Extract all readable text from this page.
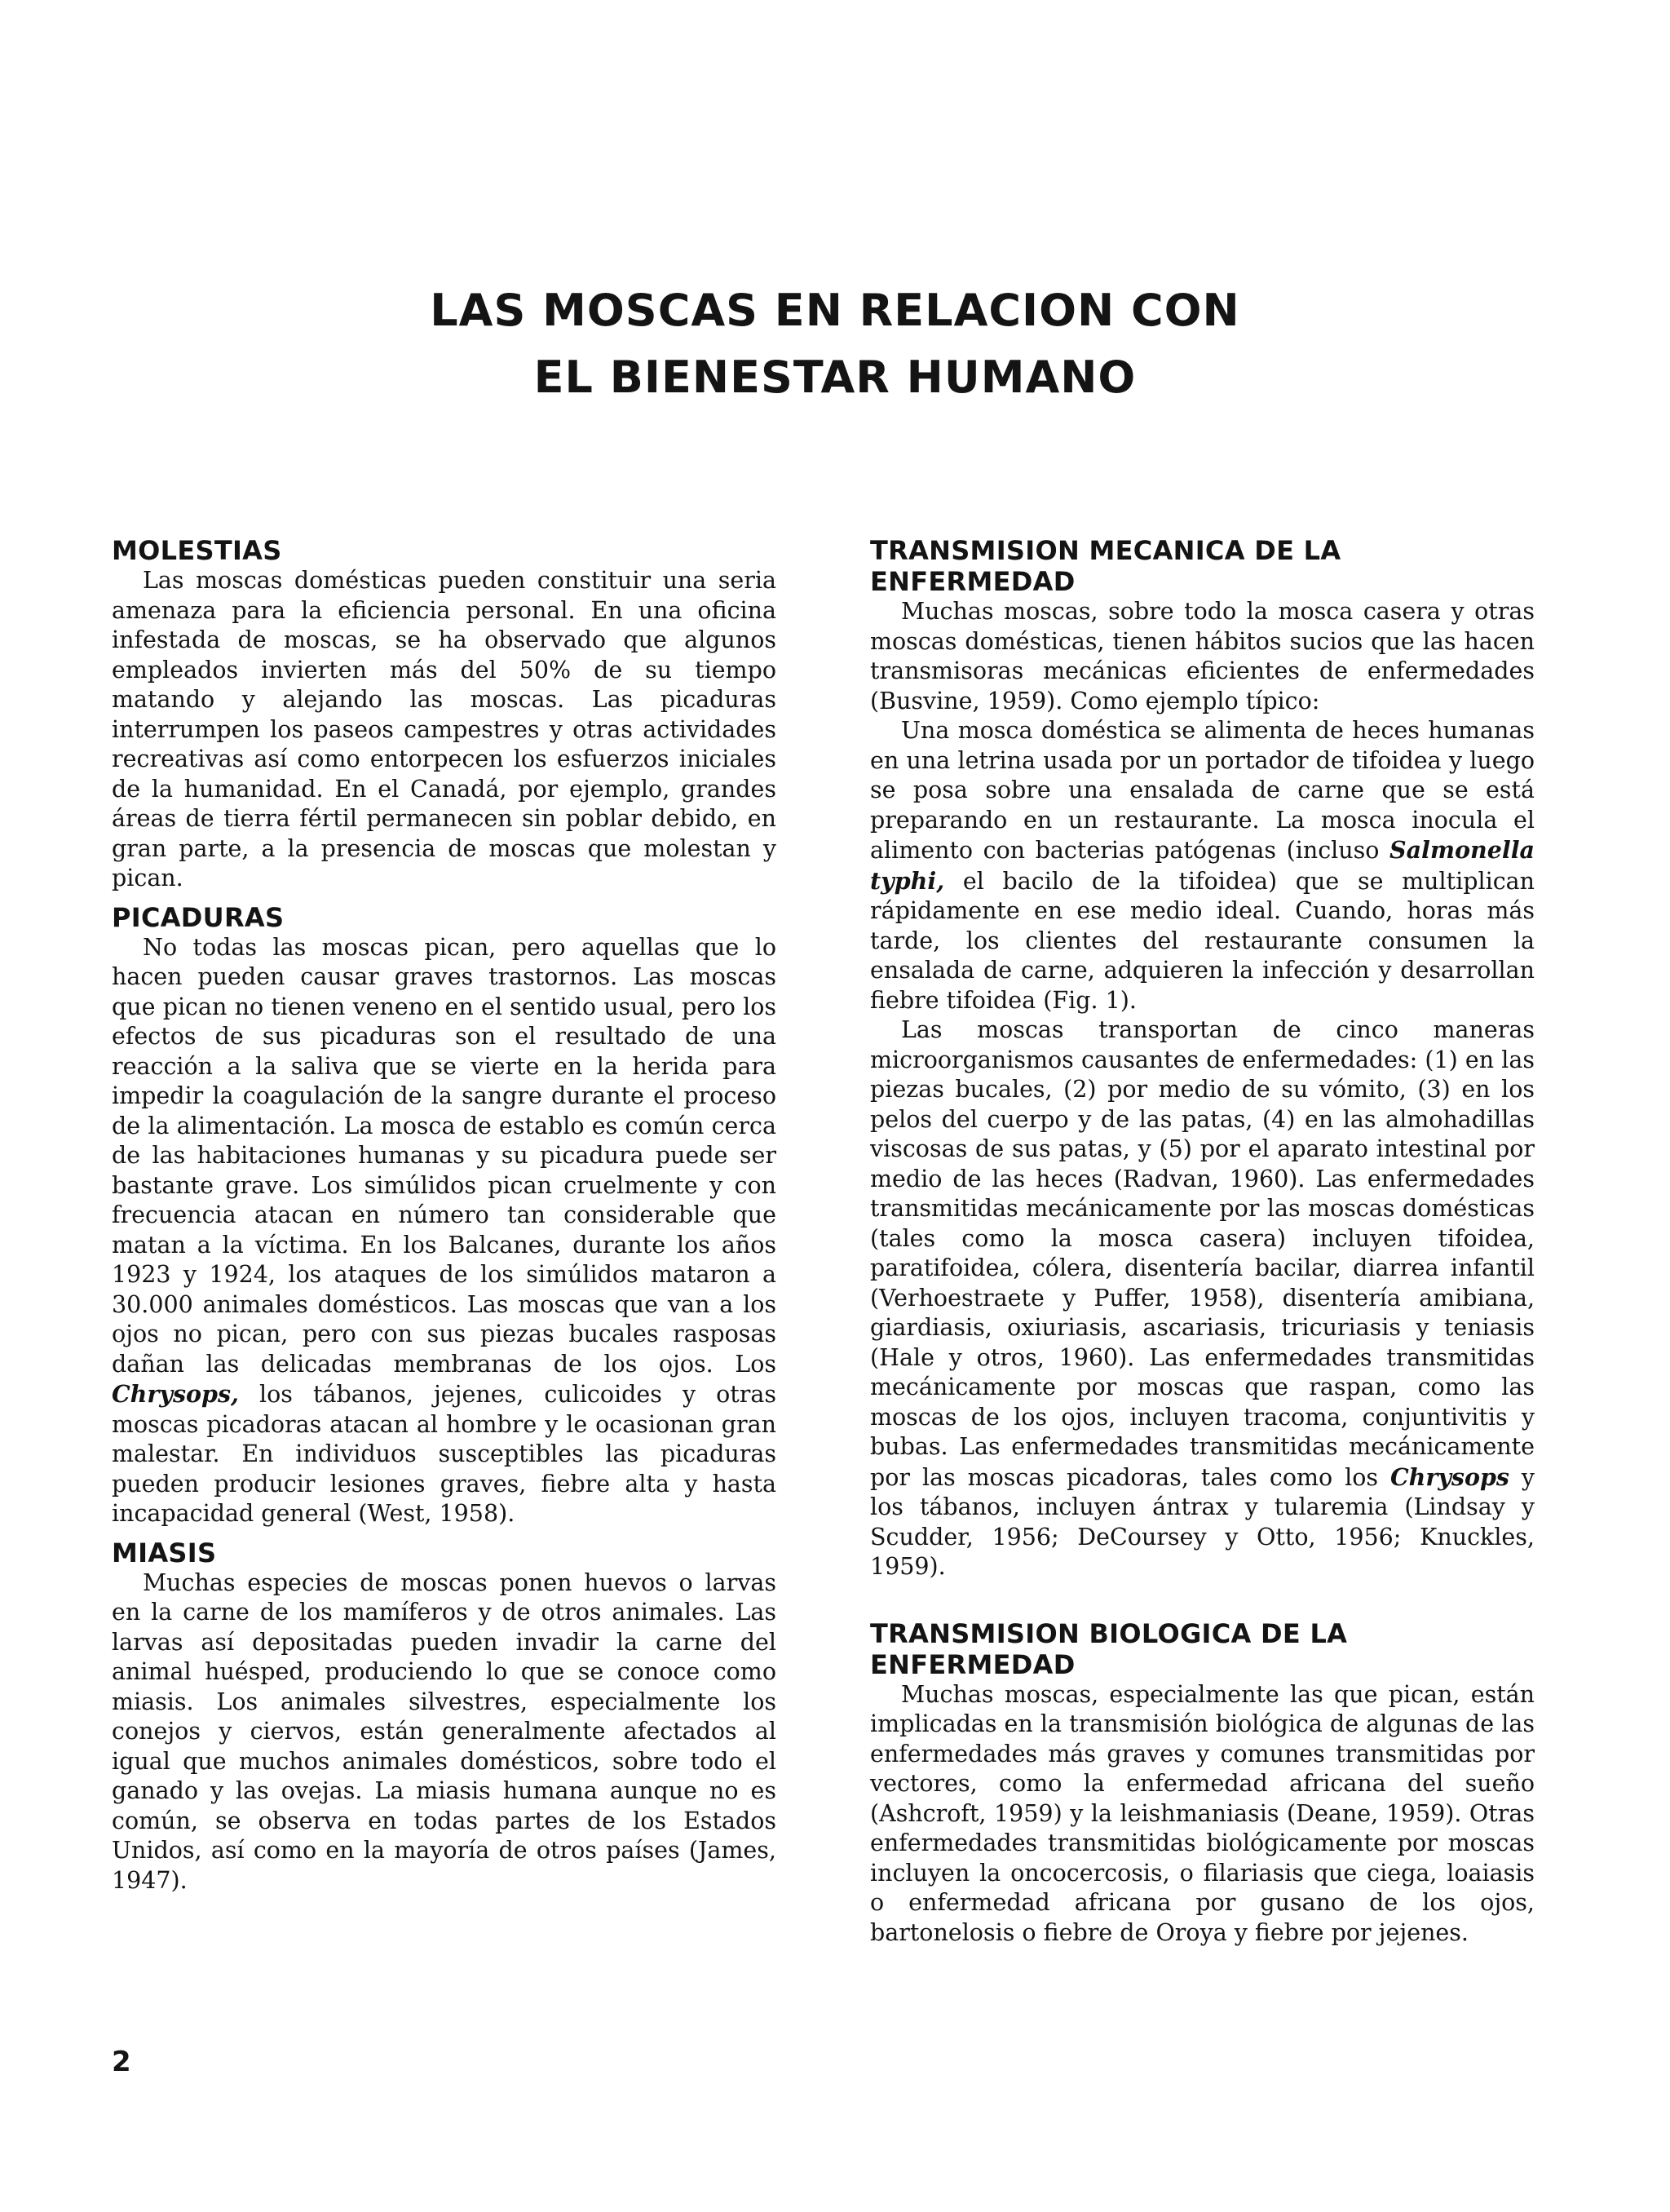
LAS MOSCAS EN RELACION CON
EL BIENESTAR HUMANO
MOLESTIAS

Las moscas domésticas pueden constituir una seria amenaza para la eficiencia personal. En una oficina infestada de moscas, se ha observado que algunos empleados invierten más del 50% de su tiempo matando y alejando las moscas. Las picaduras interrumpen los paseos campestres y otras actividades recreativas así como entorpecen los esfuerzos iniciales de la humanidad. En el Canadá, por ejemplo, grandes áreas de tierra fértil permanecen sin poblar debido, en gran parte, a la presencia de moscas que molestan y pican.

PICADURAS

No todas las moscas pican, pero aquellas que lo hacen pueden causar graves trastornos. Las moscas que pican no tienen veneno en el sentido usual, pero los efectos de sus picaduras son el resultado de una reacción a la saliva que se vierte en la herida para impedir la coagulación de la sangre durante el proceso de la alimentación. La mosca de establo es común cerca de las habitaciones humanas y su picadura puede ser bastante grave. Los simúlidos pican cruelmente y con frecuencia atacan en número tan considerable que matan a la víctima. En los Balcanes, durante los años 1923 y 1924, los ataques de los simúlidos mataron a 30.000 animales domésticos. Las moscas que van a los ojos no pican, pero con sus piezas bucales rasposas dañan las delicadas membranas de los ojos. Los Chrysops, los tábanos, jejenes, culicoides y otras moscas picadoras atacan al hombre y le ocasionan gran malestar. En individuos susceptibles las picaduras pueden producir lesiones graves, fiebre alta y hasta incapacidad general (West, 1958).

MIASIS

Muchas especies de moscas ponen huevos o larvas en la carne de los mamíferos y de otros animales. Las larvas así depositadas pueden invadir la carne del animal huésped, produciendo lo que se conoce como miasis. Los animales silvestres, especialmente los conejos y ciervos, están generalmente afectados al igual que muchos animales domésticos, sobre todo el ganado y las ovejas. La miasis humana aunque no es común, se observa en todas partes de los Estados Unidos, así como en la mayoría de otros países (James, 1947).

TRANSMISION MECANICA DE LA ENFERMEDAD

Muchas moscas, sobre todo la mosca casera y otras moscas domésticas, tienen hábitos sucios que las hacen transmisoras mecánicas eficientes de enfermedades (Busvine, 1959). Como ejemplo típico:

Una mosca doméstica se alimenta de heces humanas en una letrina usada por un portador de tifoidea y luego se posa sobre una ensalada de carne que se está preparando en un restaurante. La mosca inocula el alimento con bacterias patógenas (incluso Salmonella typhi, el bacilo de la tifoidea) que se multiplican rápidamente en ese medio ideal. Cuando, horas más tarde, los clientes del restaurante consumen la ensalada de carne, adquieren la infección y desarrollan fiebre tifoidea (Fig. 1).

Las moscas transportan de cinco maneras microorganismos causantes de enfermedades: (1) en las piezas bucales, (2) por medio de su vómito, (3) en los pelos del cuerpo y de las patas, (4) en las almohadillas viscosas de sus patas, y (5) por el aparato intestinal por medio de las heces (Radvan, 1960). Las enfermedades transmitidas mecánicamente por las moscas domésticas (tales como la mosca casera) incluyen tifoidea, paratifoidea, cólera, disentería bacilar, diarrea infantil (Verhoestraete y Puffer, 1958), disentería amibiana, giardiasis, oxiuriasis, ascariasis, tricuriasis y teniasis (Hale y otros, 1960). Las enfermedades transmitidas mecánicamente por moscas que raspan, como las moscas de los ojos, incluyen tracoma, conjuntivitis y bubas. Las enfermedades transmitidas mecánicamente por las moscas picadoras, tales como los Chrysops y los tábanos, incluyen ántrax y tularemia (Lindsay y Scudder, 1956; DeCoursey y Otto, 1956; Knuckles, 1959).

TRANSMISION BIOLOGICA DE LA ENFERMEDAD

Muchas moscas, especialmente las que pican, están implicadas en la transmisión biológica de algunas de las enfermedades más graves y comunes transmitidas por vectores, como la enfermedad africana del sueño (Ashcroft, 1959) y la leishmaniasis (Deane, 1959). Otras enfermedades transmitidas biológicamente por moscas incluyen la oncocercosis, o filariasis que ciega, loaiasis o enfermedad africana por gusano de los ojos, bartonelosis o fiebre de Oroya y fiebre por jejenes.

2
